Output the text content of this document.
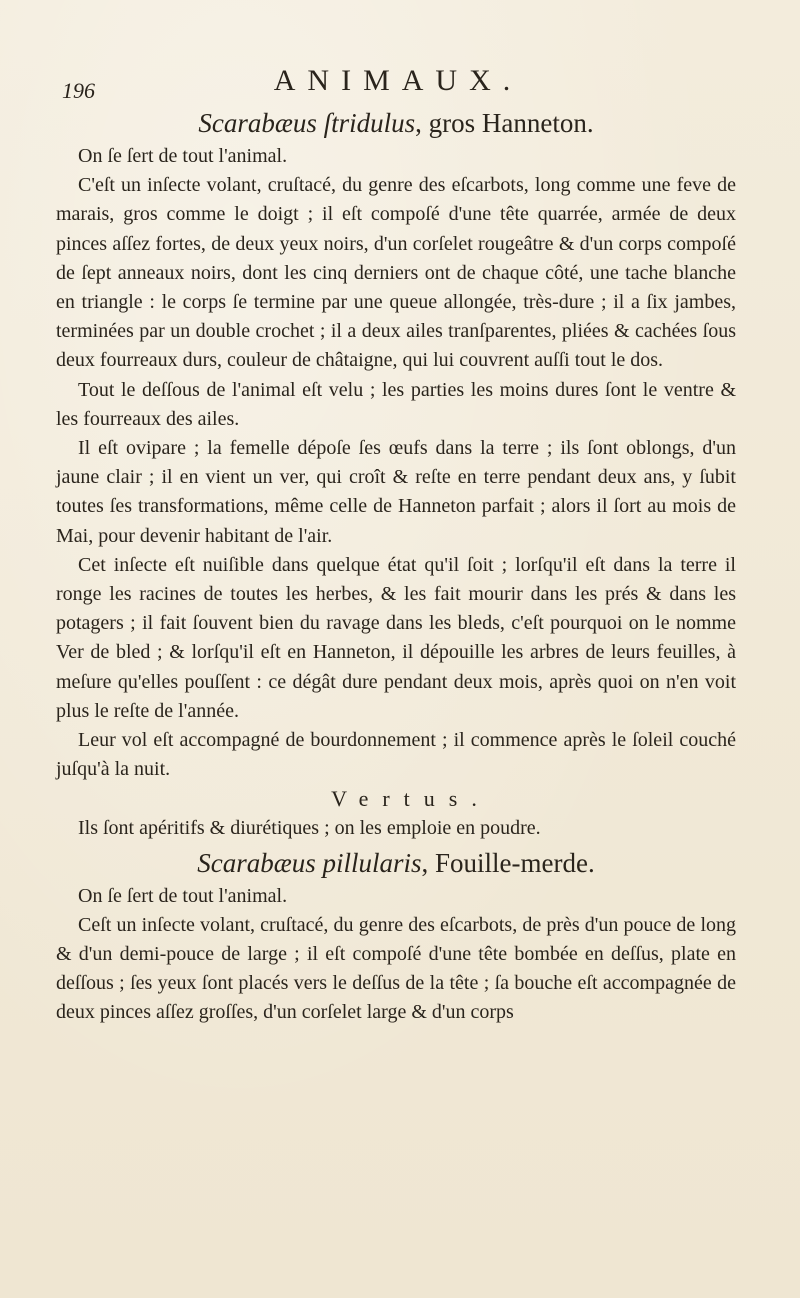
196	ANIMAUX.
Scarabæus ſtridulus, gros Hanneton.

On ſe ſert de tout l'animal.

C'eſt un inſecte volant, cruſtacé, du genre des eſcarbots, long comme une feve de marais, gros comme le doigt ; il eſt compoſé d'une tête quarrée, armée de deux pinces aſſez fortes, de deux yeux noirs, d'un corſelet rougeâtre & d'un corps compoſé de ſept anneaux noirs, dont les cinq derniers ont de chaque côté, une tache blanche en triangle : le corps ſe termine par une queue allongée, très-dure ; il a ſix jambes, terminées par un double crochet ; il a deux ailes tranſparentes, pliées & cachées ſous deux fourreaux durs, couleur de châtaigne, qui lui couvrent auſſi tout le dos.

Tout le deſſous de l'animal eſt velu ; les parties les moins dures ſont le ventre & les fourreaux des ailes.

Il eſt ovipare ; la femelle dépoſe ſes œufs dans la terre ; ils ſont oblongs, d'un jaune clair ; il en vient un ver, qui croît & reſte en terre pendant deux ans, y ſubit toutes ſes transformations, même celle de Hanneton parfait ; alors il ſort au mois de Mai, pour devenir habitant de l'air.

Cet inſecte eſt nuiſible dans quelque état qu'il ſoit ; lorſqu'il eſt dans la terre il ronge les racines de toutes les herbes, & les fait mourir dans les prés & dans les potagers ; il fait ſouvent bien du ravage dans les bleds, c'eſt pourquoi on le nomme Ver de bled ; & lorſqu'il eſt en Hanneton, il dépouille les arbres de leurs feuilles, à meſure qu'elles pouſſent : ce dégât dure pendant deux mois, après quoi on n'en voit plus le reſte de l'année.

Leur vol eſt accompagné de bourdonnement ; il commence après le ſoleil couché juſqu'à la nuit.

Vertus.

Ils ſont apéritifs & diurétiques ; on les emploie en poudre.

Scarabæus pillularis, Fouille-merde.

On ſe ſert de tout l'animal.

Ceſt un inſecte volant, cruſtacé, du genre des eſcarbots, de près d'un pouce de long & d'un demi-pouce de large ; il eſt compoſé d'une tête bombée en deſſus, plate en deſſous ; ſes yeux ſont placés vers le deſſus de la tête ; ſa bouche eſt accompagnée de deux pinces aſſez groſſes, d'un corſelet large & d'un corps
